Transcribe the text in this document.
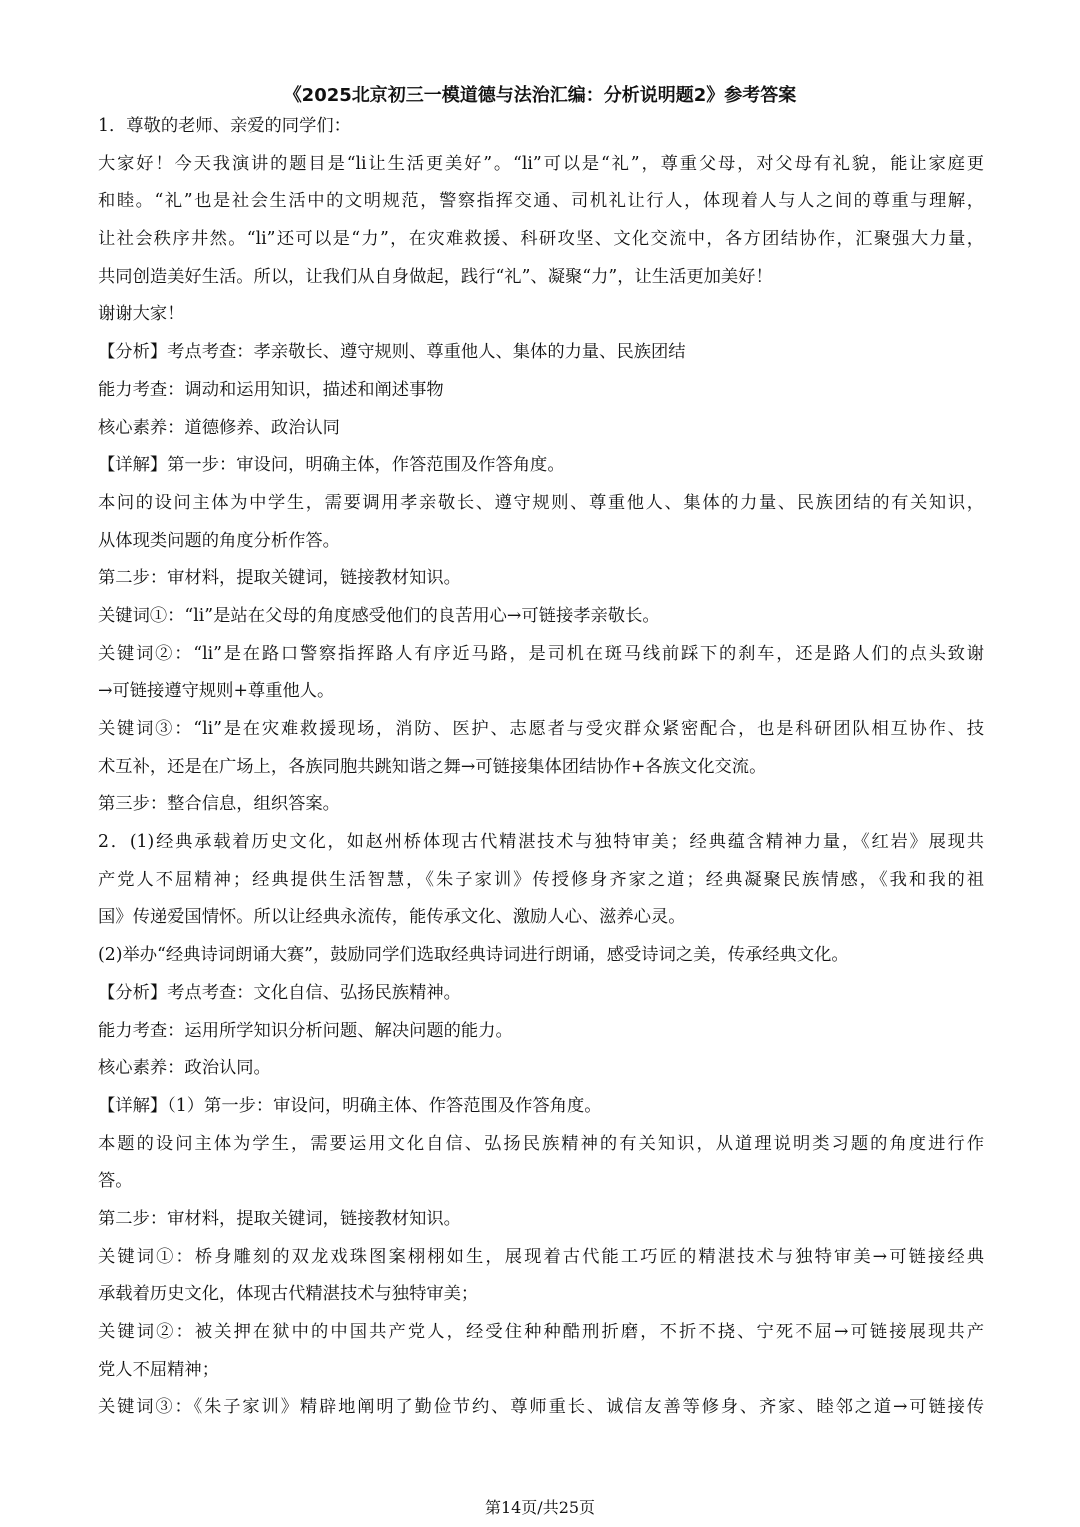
《2025北京初三一模道德与法治汇编：分析说明题2》参考答案
1．尊敬的老师、亲爱的同学们：
大家好！今天我演讲的题目是“li让生活更美好”。“li”可以是“礼”，尊重父母，对父母有礼貌，能让家庭更
和睦。“礼”也是社会生活中的文明规范，警察指挥交通、司机礼让行人，体现着人与人之间的尊重与理解，
让社会秩序井然。“li”还可以是“力”，在灾难救援、科研攻坚、文化交流中，各方团结协作，汇聚强大力量，
共同创造美好生活。所以，让我们从自身做起，践行“礼”、凝聚“力”，让生活更加美好！
谢谢大家！
【分析】考点考查：孝亲敬长、遵守规则、尊重他人、集体的力量、民族团结
能力考查：调动和运用知识，描述和阐述事物
核心素养：道德修养、政治认同
【详解】第一步：审设问，明确主体，作答范围及作答角度。
本问的设问主体为中学生，需要调用孝亲敬长、遵守规则、尊重他人、集体的力量、民族团结的有关知识，
从体现类问题的角度分析作答。
第二步：审材料，提取关键词，链接教材知识。
关键词①：“li”是站在父母的角度感受他们的良苦用心→可链接孝亲敬长。
关键词②：“li”是在路口警察指挥路人有序近马路，是司机在斑马线前踩下的刹车，还是路人们的点头致谢
→可链接遵守规则+尊重他人。
关键词③：“li”是在灾难救援现场，消防、医护、志愿者与受灾群众紧密配合，也是科研团队相互协作、技
术互补，还是在广场上，各族同胞共跳知谐之舞→可链接集体团结协作+各族文化交流。
第三步：整合信息，组织答案。
2．(1)经典承载着历史文化，如赵州桥体现古代精湛技术与独特审美；经典蕴含精神力量，《红岩》展现共
产党人不屈精神；经典提供生活智慧，《朱子家训》传授修身齐家之道；经典凝聚民族情感，《我和我的祖
国》传递爱国情怀。所以让经典永流传，能传承文化、激励人心、滋养心灵。
(2)举办“经典诗词朗诵大赛”，鼓励同学们选取经典诗词进行朗诵，感受诗词之美，传承经典文化。
【分析】考点考查：文化自信、弘扬民族精神。
能力考查：运用所学知识分析问题、解决问题的能力。
核心素养：政治认同。
【详解】（1）第一步：审设问，明确主体、作答范围及作答角度。
本题的设问主体为学生，需要运用文化自信、弘扬民族精神的有关知识，从道理说明类习题的角度进行作
答。
第二步：审材料，提取关键词，链接教材知识。
关键词①：桥身雕刻的双龙戏珠图案栩栩如生，展现着古代能工巧匠的精湛技术与独特审美→可链接经典
承载着历史文化，体现古代精湛技术与独特审美；
关键词②：被关押在狱中的中国共产党人，经受住种种酷刑折磨，不折不挠、宁死不屈→可链接展现共产
党人不屈精神；
关键词③：《朱子家训》精辟地阐明了勤俭节约、尊师重长、诚信友善等修身、齐家、睦邻之道→可链接传
第14页/共25页
